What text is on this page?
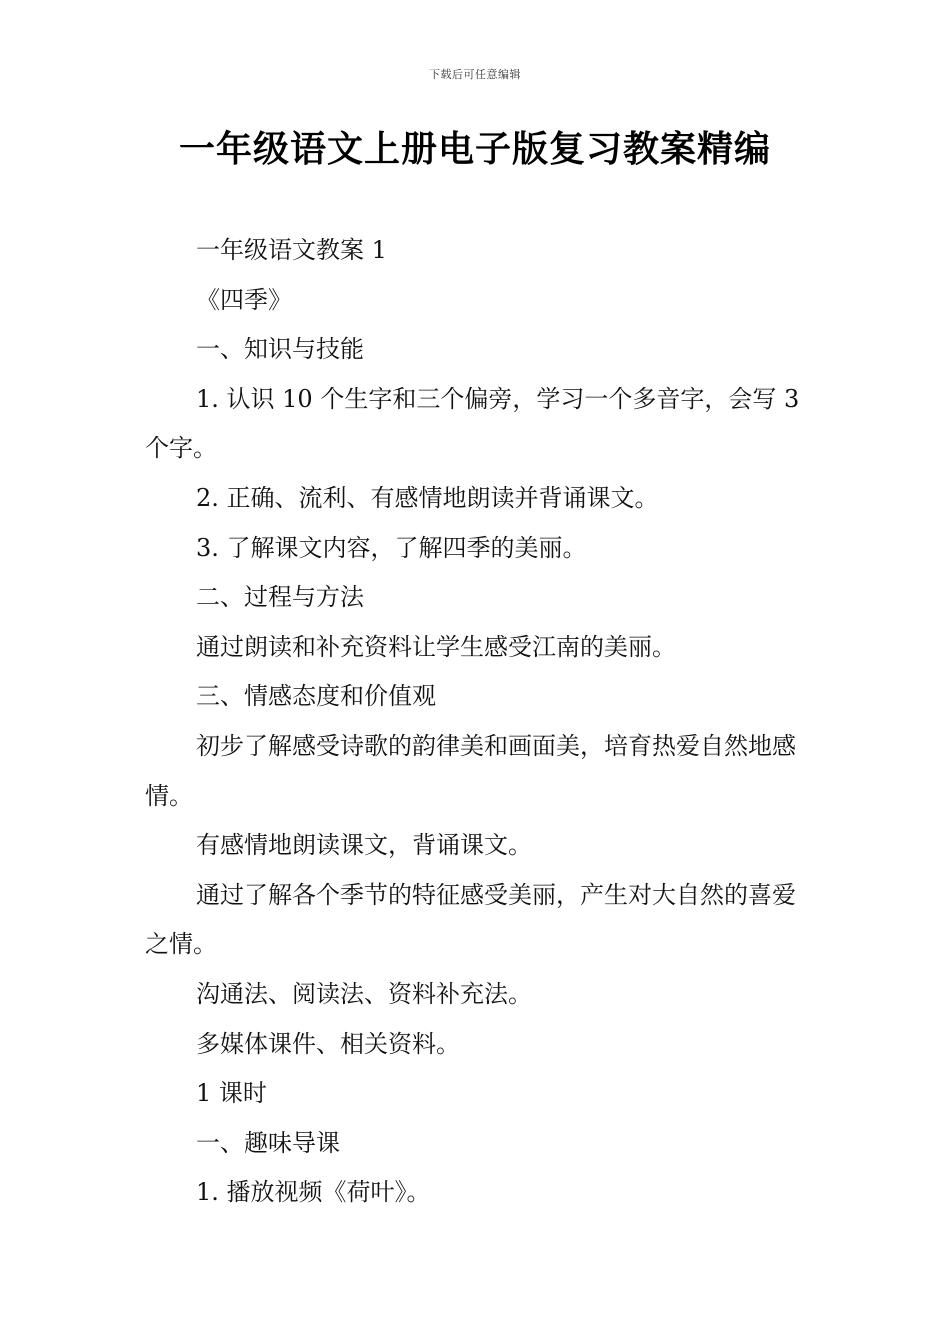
下载后可任意编辑
一年级语文上册电子版复习教案精编

一年级语文教案 1

《四季》

一、知识与技能

1. 认识 10 个生字和三个偏旁，学习一个多音字，会写 3 个字。

2. 正确、流利、有感情地朗读并背诵课文。

3. 了解课文内容，了解四季的美丽。

二、过程与方法

通过朗读和补充资料让学生感受江南的美丽。

三、情感态度和价值观

初步了解感受诗歌的韵律美和画面美，培育热爱自然地感情。

有感情地朗读课文，背诵课文。

通过了解各个季节的特征感受美丽，产生对大自然的喜爱之情。

沟通法、阅读法、资料补充法。

多媒体课件、相关资料。

1 课时

一、趣味导课

1. 播放视频《荷叶》。
